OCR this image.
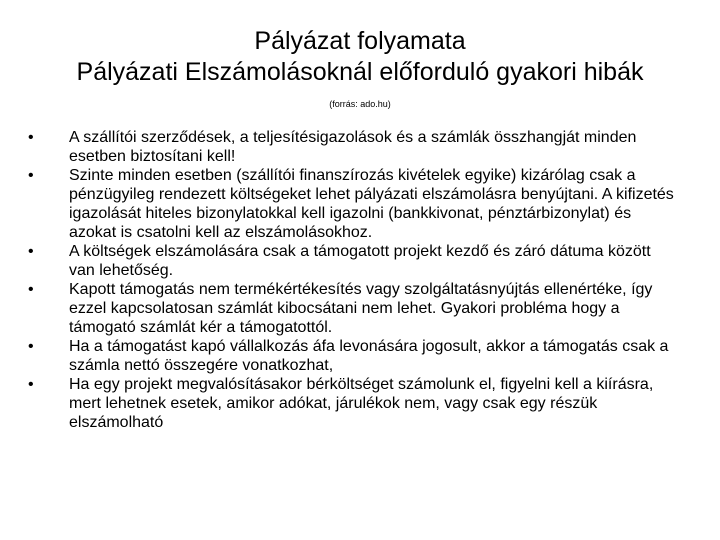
Pályázat folyamata
Pályázati Elszámolásoknál előforduló gyakori hibák
(forrás: ado.hu)
•	A szállítói szerződések, a teljesítésigazolások és a számlák összhangját minden esetben biztosítani kell!
•	Szinte minden esetben (szállítói finanszírozás kivételek egyike) kizárólag csak a pénzügyileg rendezett költségeket lehet pályázati elszámolásra benyújtani. A kifizetés igazolását hiteles bizonylatokkal kell igazolni (bankkivonat, pénztárbizonylat) és azokat is csatolni kell az elszámolásokhoz.
•	A költségek elszámolására csak a támogatott projekt kezdő és záró dátuma között van lehetőség.
•	Kapott támogatás nem termékértékesítés vagy szolgáltatásnyújtás ellenértéke, így ezzel kapcsolatosan számlát kibocsátani nem lehet. Gyakori probléma hogy a támogató számlát kér a támogatottól.
•	Ha a támogatást kapó vállalkozás áfa levonására jogosult, akkor a támogatás csak a számla nettó összegére vonatkozhat,
•	Ha egy projekt megvalósításakor bérköltséget számolunk el, figyelni kell a kiírásra, mert lehetnek esetek, amikor adókat, járulékok nem, vagy csak egy részük elszámolható
